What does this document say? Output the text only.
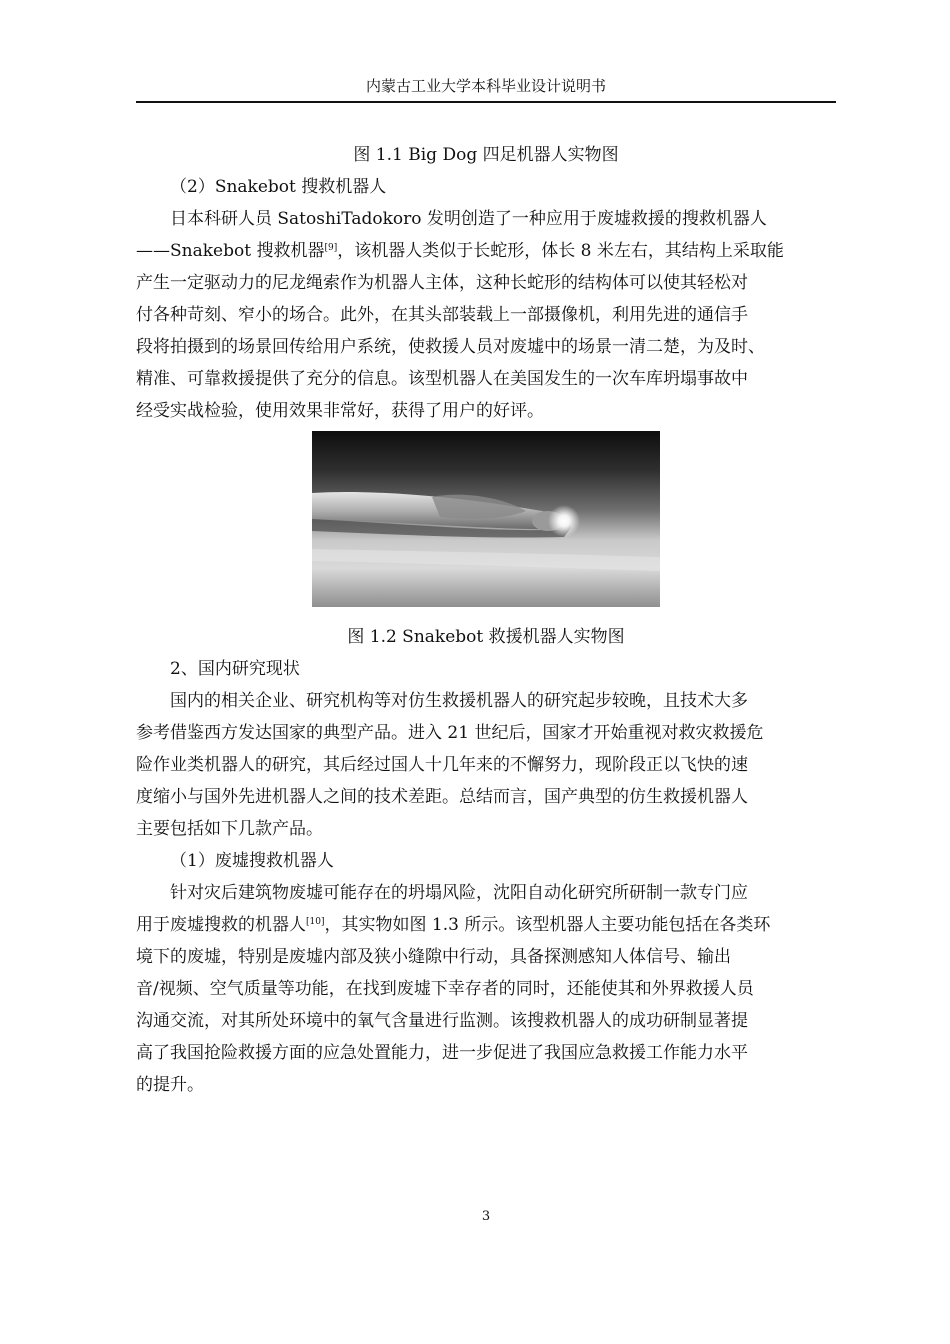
内蒙古工业大学本科毕业设计说明书

图 1.1 Big Dog 四足机器人实物图

（2）Snakebot 搜救机器人

日本科研人员 SatoshiTadokoro 发明创造了一种应用于废墟救援的搜救机器人
——Snakebot 搜救机器[9]，该机器人类似于长蛇形，体长 8 米左右，其结构上采取能
产生一定驱动力的尼龙绳索作为机器人主体，这种长蛇形的结构体可以使其轻松对
付各种苛刻、窄小的场合。此外，在其头部装载上一部摄像机，利用先进的通信手
段将拍摄到的场景回传给用户系统，使救援人员对废墟中的场景一清二楚，为及时、
精准、可靠救援提供了充分的信息。该型机器人在美国发生的一次车库坍塌事故中
经受实战检验，使用效果非常好，获得了用户的好评。

图 1.2 Snakebot 救援机器人实物图

2、国内研究现状

国内的相关企业、研究机构等对仿生救援机器人的研究起步较晚，且技术大多
参考借鉴西方发达国家的典型产品。进入 21 世纪后，国家才开始重视对救灾救援危
险作业类机器人的研究，其后经过国人十几年来的不懈努力，现阶段正以飞快的速
度缩小与国外先进机器人之间的技术差距。总结而言，国产典型的仿生救援机器人
主要包括如下几款产品。

（1）废墟搜救机器人

针对灾后建筑物废墟可能存在的坍塌风险，沈阳自动化研究所研制一款专门应
用于废墟搜救的机器人[10]，其实物如图 1.3 所示。该型机器人主要功能包括在各类环
境下的废墟，特别是废墟内部及狭小缝隙中行动，具备探测感知人体信号、输出
音/视频、空气质量等功能，在找到废墟下幸存者的同时，还能使其和外界救援人员
沟通交流，对其所处环境中的氧气含量进行监测。该搜救机器人的成功研制显著提
高了我国抢险救援方面的应急处置能力，进一步促进了我国应急救援工作能力水平
的提升。
3
